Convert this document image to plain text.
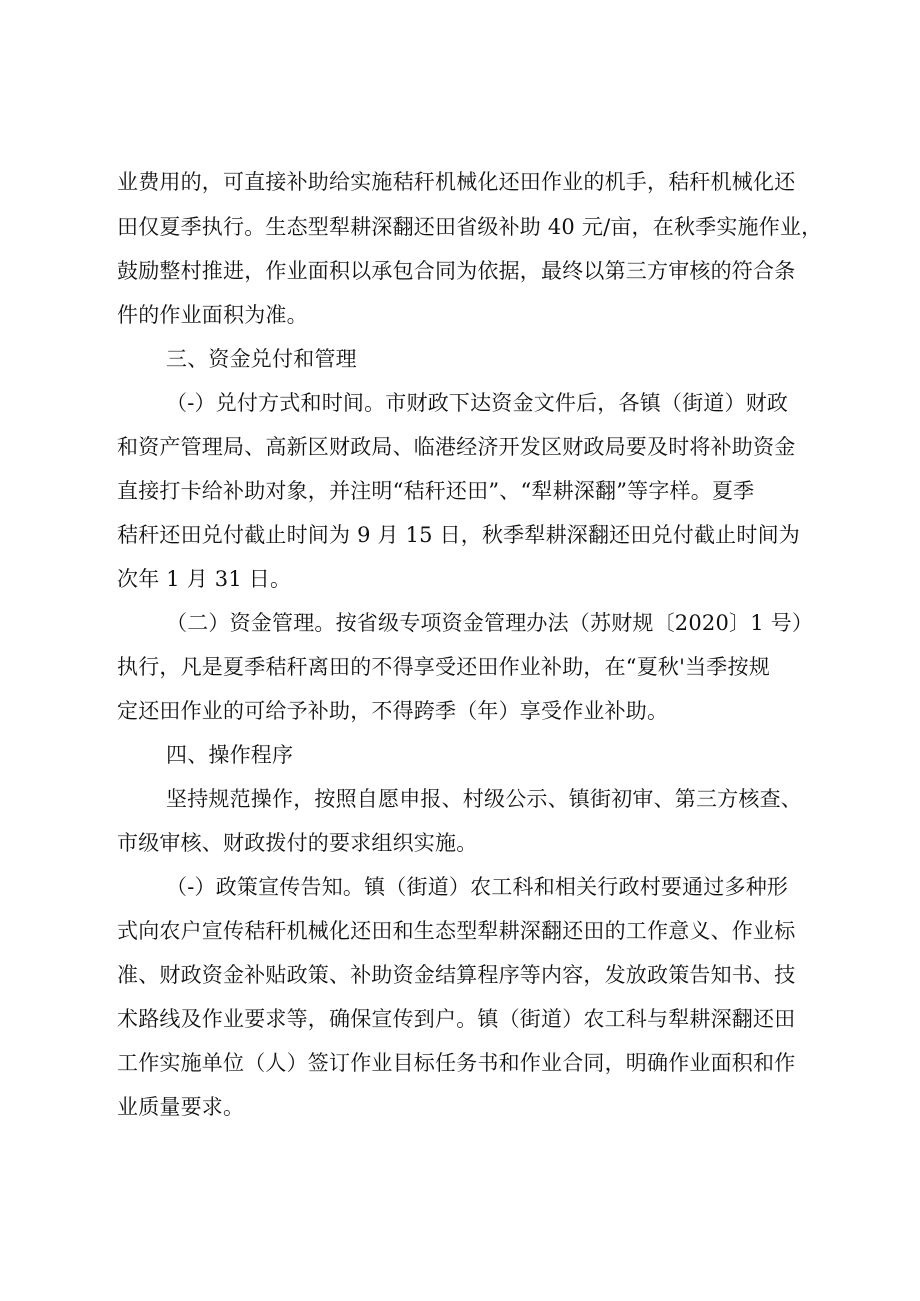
业费用的，可直接补助给实施秸秆机械化还田作业的机手，秸秆机械化还
田仅夏季执行。生态型犁耕深翻还田省级补助 40 元/亩，在秋季实施作业，
鼓励整村推进，作业面积以承包合同为依据，最终以第三方审核的符合条
件的作业面积为准。
三、资金兑付和管理
（-）兑付方式和时间。市财政下达资金文件后，各镇（街道）财政
和资产管理局、高新区财政局、临港经济开发区财政局要及时将补助资金
直接打卡给补助对象，并注明“秸秆还田”、“犁耕深翻”等字样。夏季
秸秆还田兑付截止时间为 9 月 15 日，秋季犁耕深翻还田兑付截止时间为
次年 1 月 31 日。
（二）资金管理。按省级专项资金管理办法（苏财规〔2020〕1 号）
执行，凡是夏季秸秆离田的不得享受还田作业补助，在“夏秋'当季按规
定还田作业的可给予补助，不得跨季（年）享受作业补助。
四、操作程序
坚持规范操作，按照自愿申报、村级公示、镇街初审、第三方核查、
市级审核、财政拨付的要求组织实施。
（-）政策宣传告知。镇（街道）农工科和相关行政村要通过多种形
式向农户宣传秸秆机械化还田和生态型犁耕深翻还田的工作意义、作业标
准、财政资金补贴政策、补助资金结算程序等内容，发放政策告知书、技
术路线及作业要求等，确保宣传到户。镇（街道）农工科与犁耕深翻还田
工作实施单位（人）签订作业目标任务书和作业合同，明确作业面积和作
业质量要求。
